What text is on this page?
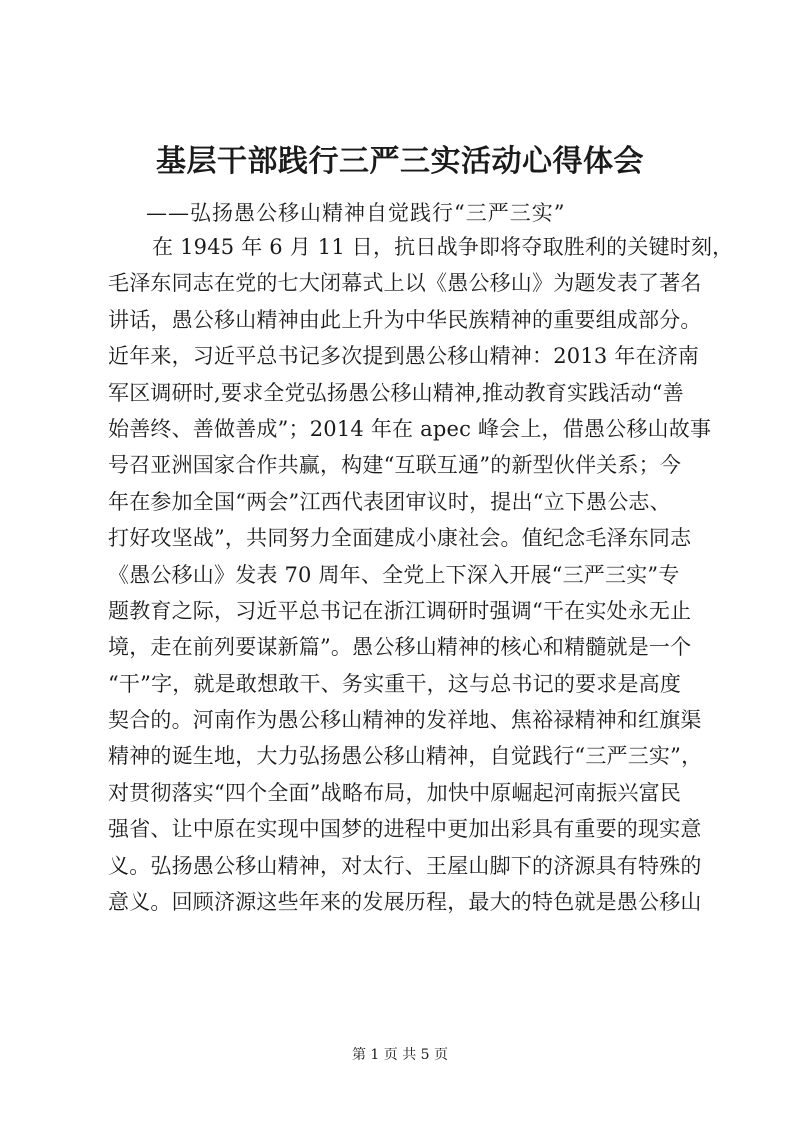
基层干部践行三严三实活动心得体会
——弘扬愚公移山精神自觉践行“三严三实”
在 1945 年 6 月 11 日，抗日战争即将夺取胜利的关键时刻，
毛泽东同志在党的七大闭幕式上以《愚公移山》为题发表了著名
讲话，愚公移山精神由此上升为中华民族精神的重要组成部分。
近年来，习近平总书记多次提到愚公移山精神：2013 年在济南
军区调研时,要求全党弘扬愚公移山精神,推动教育实践活动“善
始善终、善做善成”；2014 年在 apec 峰会上，借愚公移山故事
号召亚洲国家合作共赢，构建“互联互通”的新型伙伴关系；今
年在参加全国“两会”江西代表团审议时，提出“立下愚公志、
打好攻坚战”，共同努力全面建成小康社会。值纪念毛泽东同志
《愚公移山》发表 70 周年、全党上下深入开展“三严三实”专
题教育之际，习近平总书记在浙江调研时强调“干在实处永无止
境，走在前列要谋新篇”。愚公移山精神的核心和精髓就是一个
“干”字，就是敢想敢干、务实重干，这与总书记的要求是高度
契合的。河南作为愚公移山精神的发祥地、焦裕禄精神和红旗渠
精神的诞生地，大力弘扬愚公移山精神，自觉践行“三严三实”，
对贯彻落实“四个全面”战略布局，加快中原崛起河南振兴富民
强省、让中原在实现中国梦的进程中更加出彩具有重要的现实意
义。弘扬愚公移山精神，对太行、王屋山脚下的济源具有特殊的
意义。回顾济源这些年来的发展历程，最大的特色就是愚公移山
第 1 页 共 5 页
